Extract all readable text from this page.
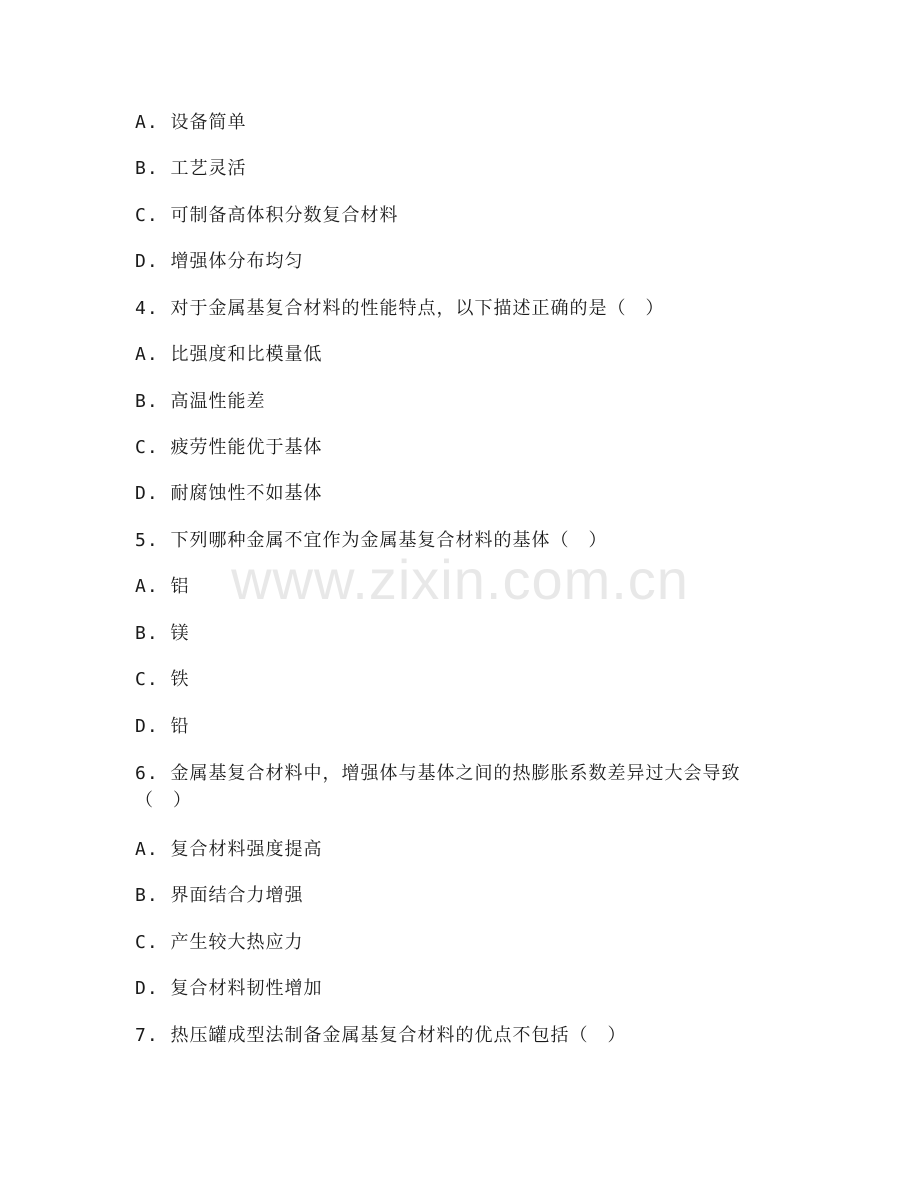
A. 设备简单
B. 工艺灵活
C. 可制备高体积分数复合材料
D. 增强体分布均匀
4. 对于金属基复合材料的性能特点，以下描述正确的是（　）
A. 比强度和比模量低
B. 高温性能差
C. 疲劳性能优于基体
D. 耐腐蚀性不如基体
5. 下列哪种金属不宜作为金属基复合材料的基体（　）
A. 铝
B. 镁
C. 铁
D. 铅
6. 金属基复合材料中，增强体与基体之间的热膨胀系数差异过大会导致（　）
A. 复合材料强度提高
B. 界面结合力增强
C. 产生较大热应力
D. 复合材料韧性增加
7. 热压罐成型法制备金属基复合材料的优点不包括（　）
www.zixin.com.cn
